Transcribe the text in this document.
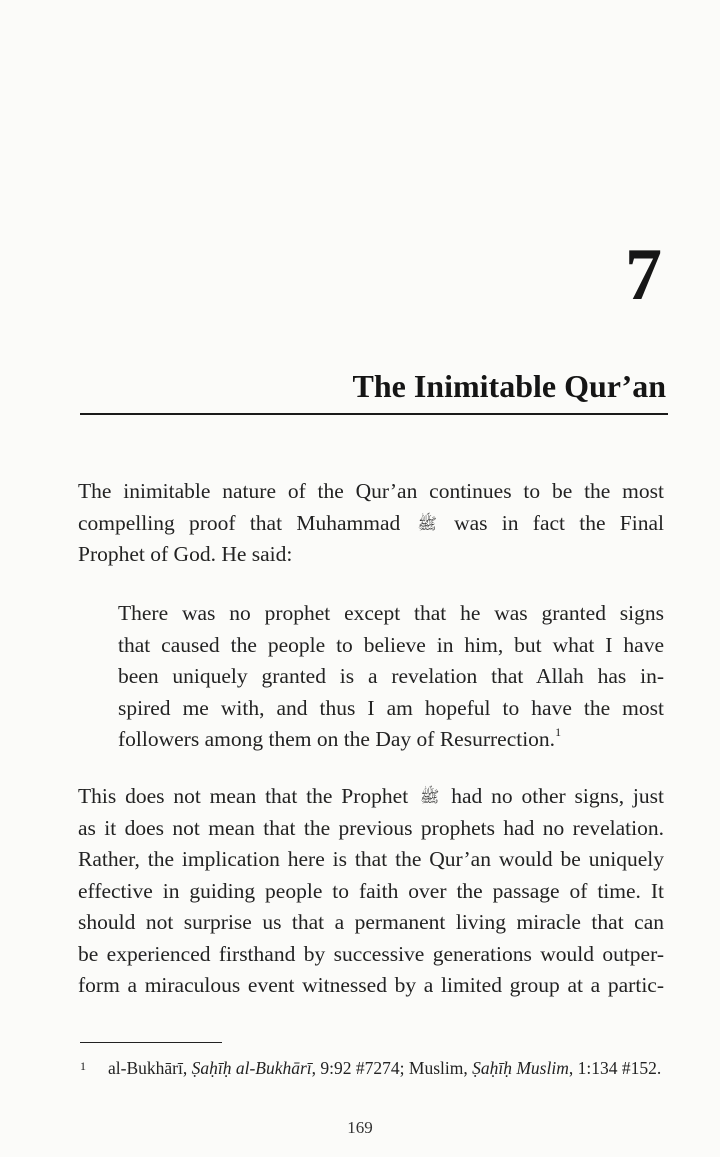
7
The Inimitable Qur’an
The inimitable nature of the Qur’an continues to be the most
compelling proof that Muhammad ﷺ was in fact the Final
Prophet of God. He said:
There was no prophet except that he was granted signs
that caused the people to believe in him, but what I have
been uniquely granted is a revelation that Allah has in-
spired me with, and thus I am hopeful to have the most
followers among them on the Day of Resurrection.$^1$
This does not mean that the Prophet ﷺ had no other signs, just
as it does not mean that the previous prophets had no revelation.
Rather, the implication here is that the Qur’an would be uniquely
effective in guiding people to faith over the passage of time. It
should not surprise us that a permanent living miracle that can
be experienced firsthand by successive generations would outper-
form a miraculous event witnessed by a limited group at a partic-
1 al-Bukhārī, Ṣaḥīḥ al-Bukhārī, 9:92 #7274; Muslim, Ṣaḥīḥ Muslim, 1:134 #152.
169
